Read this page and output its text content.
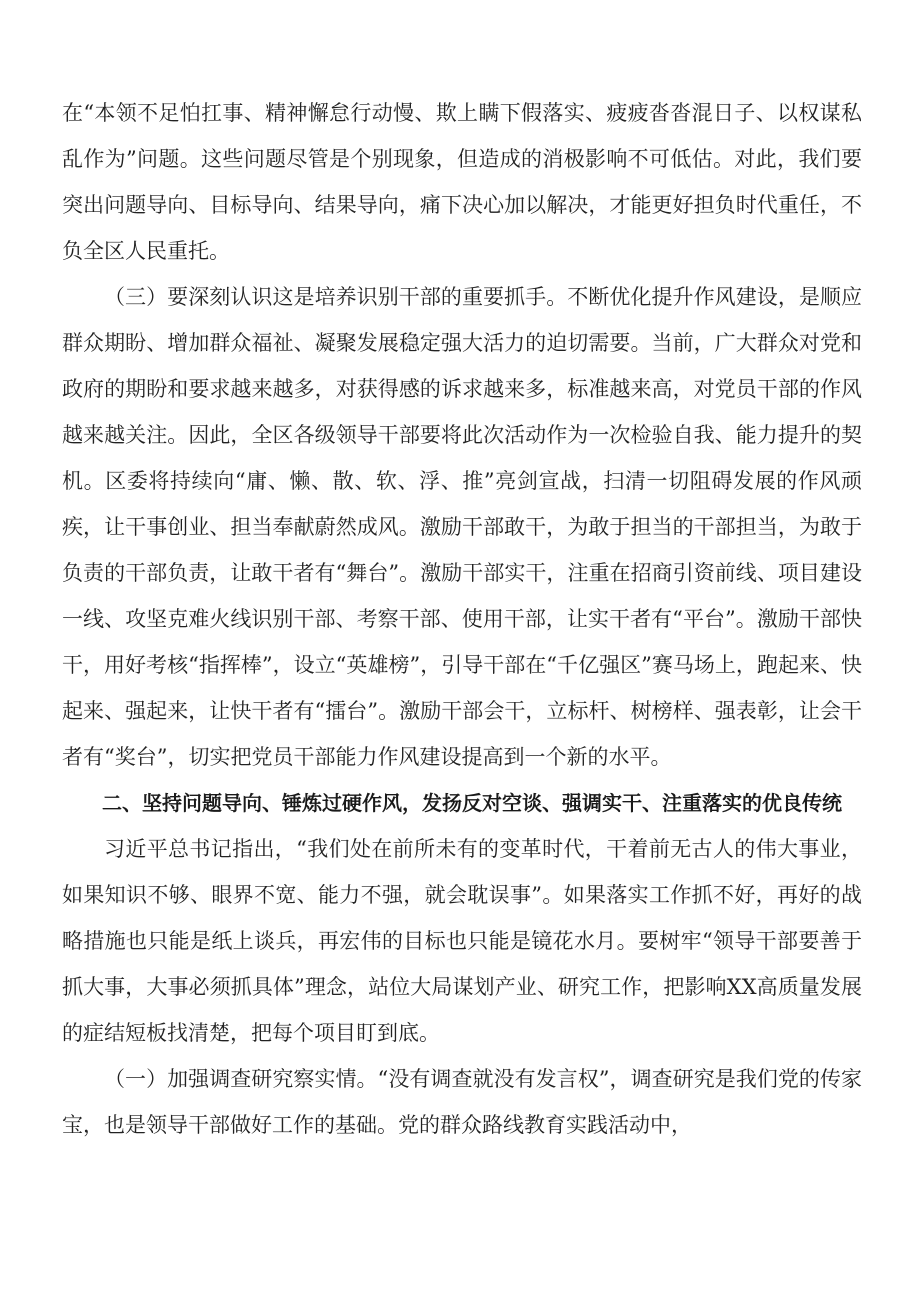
在“本领不足怕扛事、精神懈怠行动慢、欺上瞒下假落实、疲疲沓沓混日子、以权谋私乱作为”问题。这些问题尽管是个别现象，但造成的消极影响不可低估。对此，我们要突出问题导向、目标导向、结果导向，痛下决心加以解决，才能更好担负时代重任，不负全区人民重托。

（三）要深刻认识这是培养识别干部的重要抓手。不断优化提升作风建设，是顺应群众期盼、增加群众福祉、凝聚发展稳定强大活力的迫切需要。当前，广大群众对党和政府的期盼和要求越来越多，对获得感的诉求越来多，标准越来高，对党员干部的作风越来越关注。因此，全区各级领导干部要将此次活动作为一次检验自我、能力提升的契机。区委将持续向“庸、懒、散、软、浮、推”亮剑宣战，扫清一切阻碍发展的作风顽疾，让干事创业、担当奉献蔚然成风。激励干部敢干，为敢于担当的干部担当，为敢于负责的干部负责，让敢干者有“舞台”。激励干部实干，注重在招商引资前线、项目建设一线、攻坚克难火线识别干部、考察干部、使用干部，让实干者有“平台”。激励干部快干，用好考核“指挥棒”，设立“英雄榜”，引导干部在“千亿强区”赛马场上，跑起来、快起来、强起来，让快干者有“擂台”。激励干部会干，立标杆、树榜样、强表彰，让会干者有“奖台”，切实把党员干部能力作风建设提高到一个新的水平。

二、坚持问题导向、锤炼过硬作风，发扬反对空谈、强调实干、注重落实的优良传统

习近平总书记指出，“我们处在前所未有的变革时代，干着前无古人的伟大事业，如果知识不够、眼界不宽、能力不强，就会耽误事”。如果落实工作抓不好，再好的战略措施也只能是纸上谈兵，再宏伟的目标也只能是镜花水月。要树牢“领导干部要善于抓大事，大事必须抓具体”理念，站位大局谋划产业、研究工作，把影响XX高质量发展的症结短板找清楚，把每个项目盯到底。

（一）加强调查研究察实情。“没有调查就没有发言权”，调查研究是我们党的传家宝，也是领导干部做好工作的基础。党的群众路线教育实践活动中，
